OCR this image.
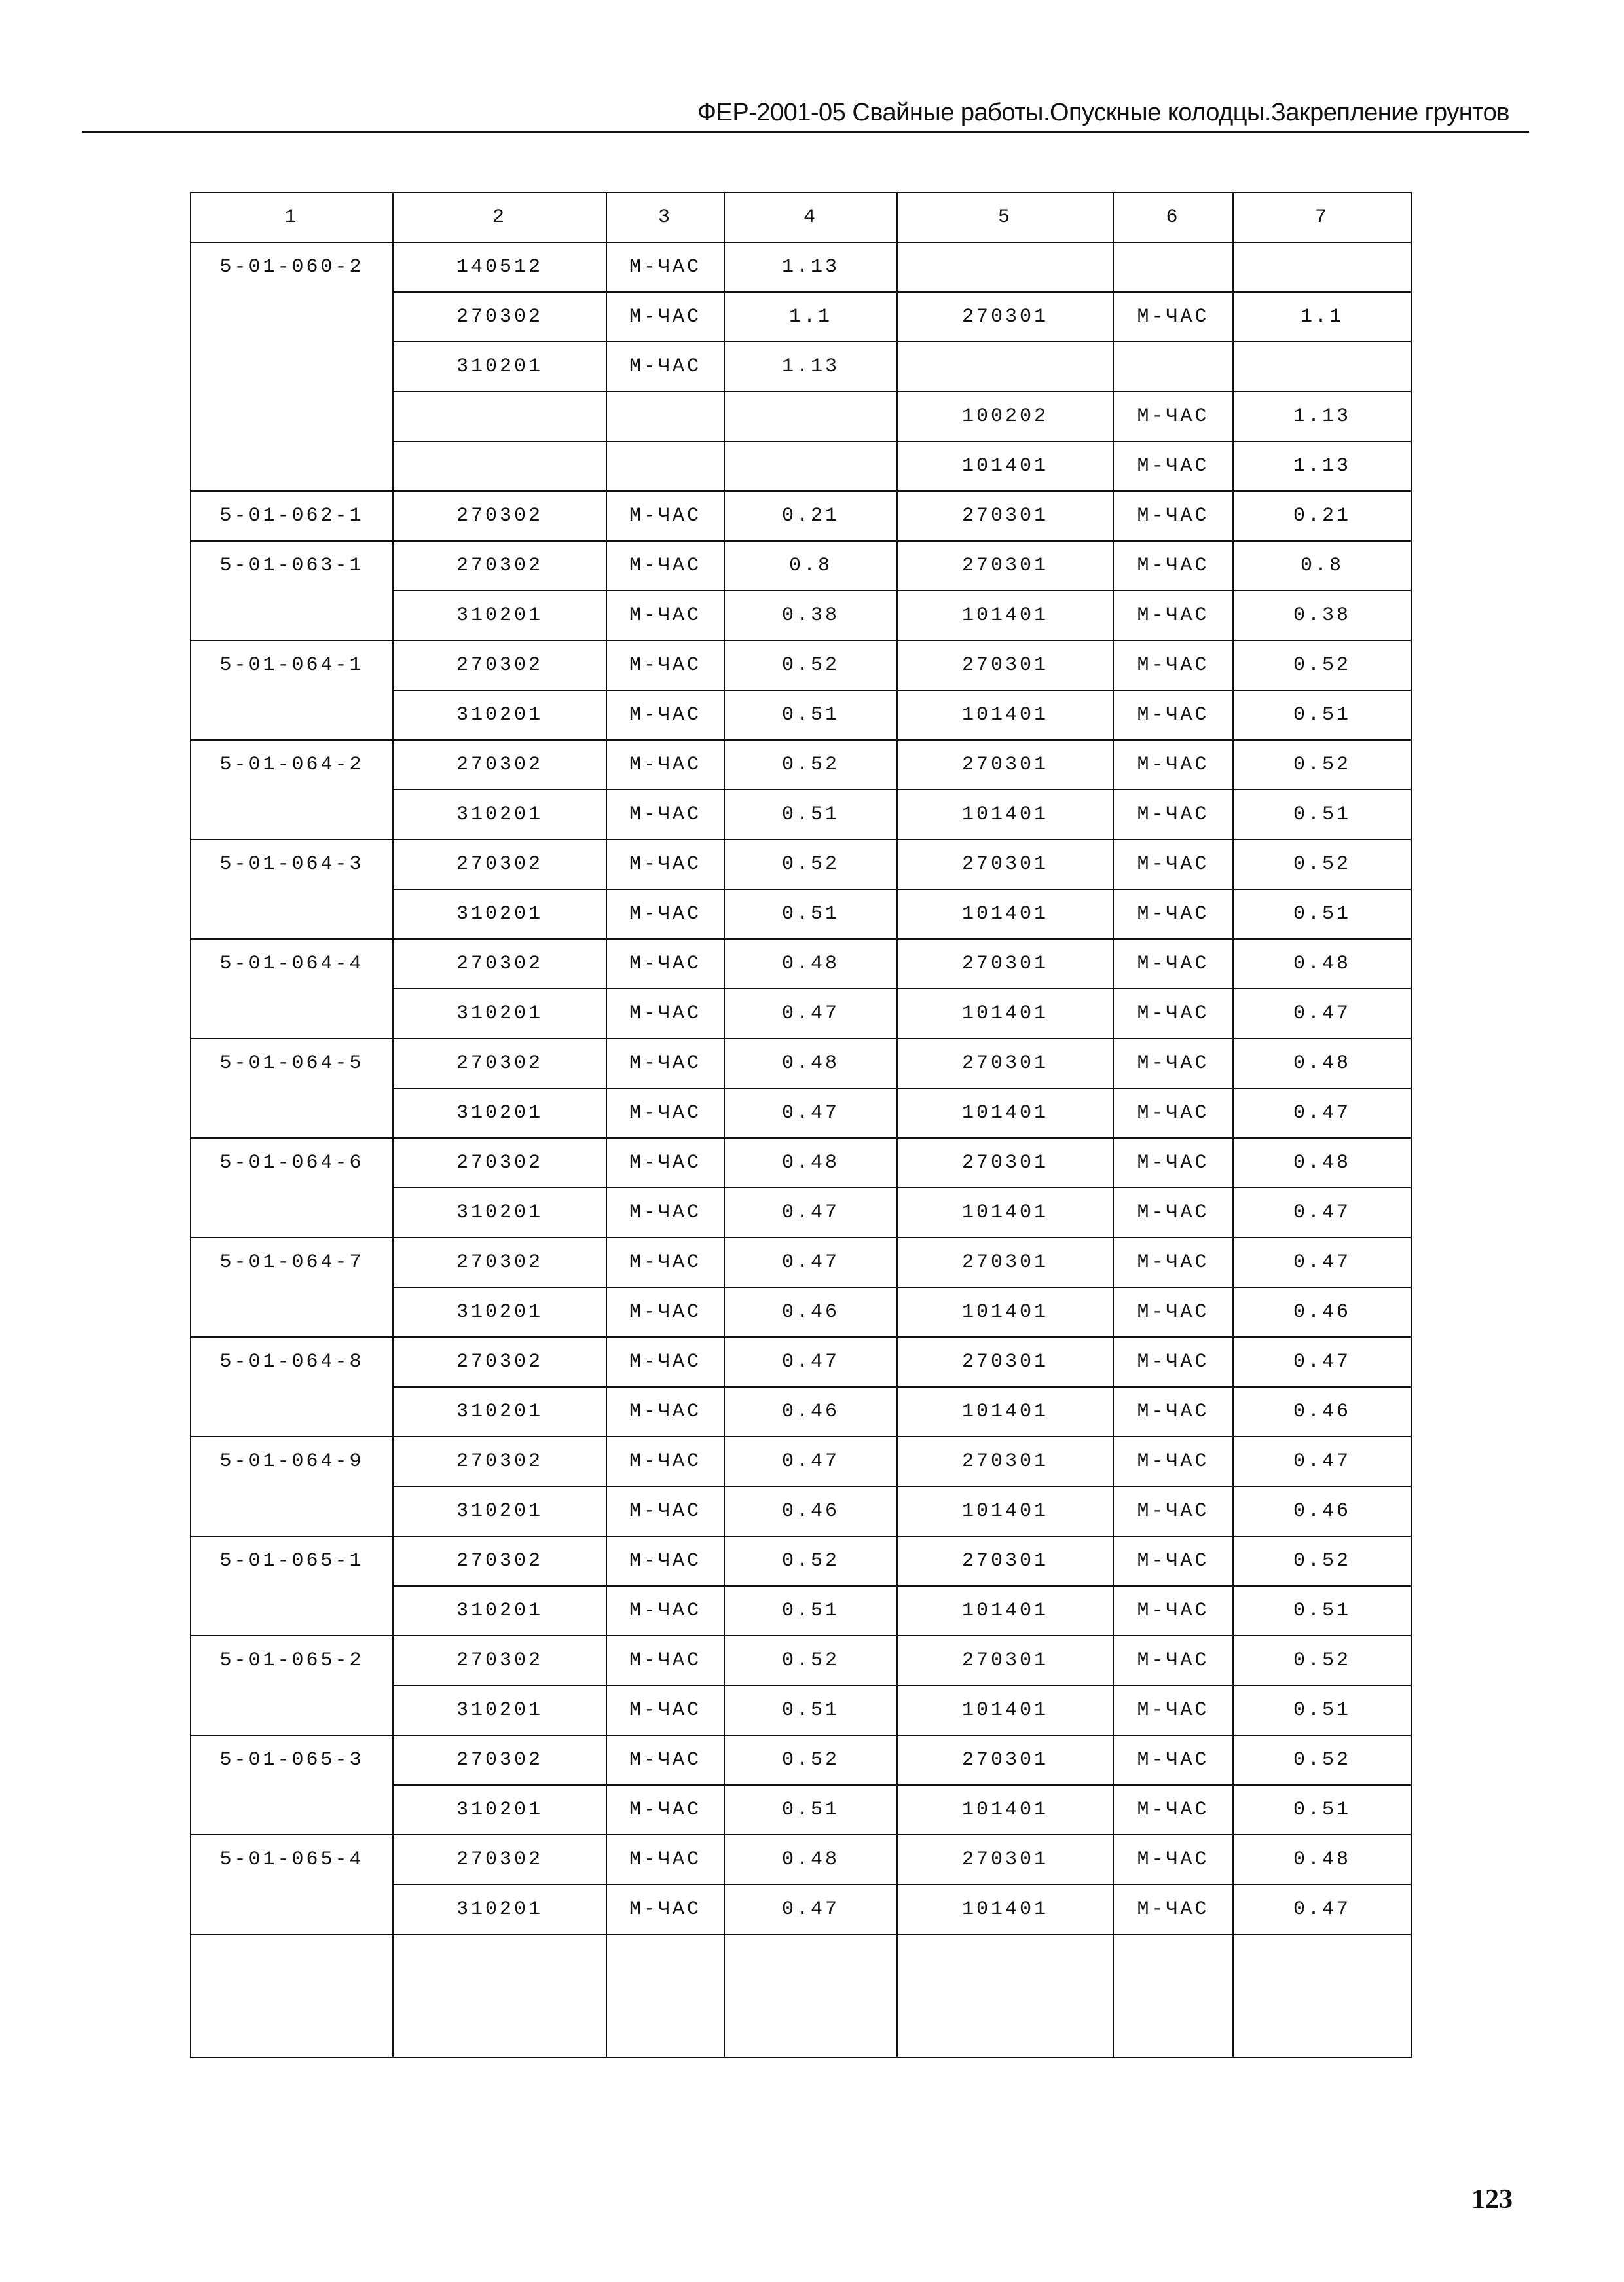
ФЕР-2001-05 Свайные работы.Опускные колодцы.Закрепление грунтов
1	2	3	4	5	6	7
5-01-060-2	140512	М-ЧАС	1.13			
	270302	М-ЧАС	1.1	270301	М-ЧАС	1.1
	310201	М-ЧАС	1.13			
				100202	М-ЧАС	1.13
				101401	М-ЧАС	1.13
5-01-062-1	270302	М-ЧАС	0.21	270301	М-ЧАС	0.21
5-01-063-1	270302	М-ЧАС	0.8	270301	М-ЧАС	0.8
	310201	М-ЧАС	0.38	101401	М-ЧАС	0.38
5-01-064-1	270302	М-ЧАС	0.52	270301	М-ЧАС	0.52
	310201	М-ЧАС	0.51	101401	М-ЧАС	0.51
5-01-064-2	270302	М-ЧАС	0.52	270301	М-ЧАС	0.52
	310201	М-ЧАС	0.51	101401	М-ЧАС	0.51
5-01-064-3	270302	М-ЧАС	0.52	270301	М-ЧАС	0.52
	310201	М-ЧАС	0.51	101401	М-ЧАС	0.51
5-01-064-4	270302	М-ЧАС	0.48	270301	М-ЧАС	0.48
	310201	М-ЧАС	0.47	101401	М-ЧАС	0.47
5-01-064-5	270302	М-ЧАС	0.48	270301	М-ЧАС	0.48
	310201	М-ЧАС	0.47	101401	М-ЧАС	0.47
5-01-064-6	270302	М-ЧАС	0.48	270301	М-ЧАС	0.48
	310201	М-ЧАС	0.47	101401	М-ЧАС	0.47
5-01-064-7	270302	М-ЧАС	0.47	270301	М-ЧАС	0.47
	310201	М-ЧАС	0.46	101401	М-ЧАС	0.46
5-01-064-8	270302	М-ЧАС	0.47	270301	М-ЧАС	0.47
	310201	М-ЧАС	0.46	101401	М-ЧАС	0.46
5-01-064-9	270302	М-ЧАС	0.47	270301	М-ЧАС	0.47
	310201	М-ЧАС	0.46	101401	М-ЧАС	0.46
5-01-065-1	270302	М-ЧАС	0.52	270301	М-ЧАС	0.52
	310201	М-ЧАС	0.51	101401	М-ЧАС	0.51
5-01-065-2	270302	М-ЧАС	0.52	270301	М-ЧАС	0.52
	310201	М-ЧАС	0.51	101401	М-ЧАС	0.51
5-01-065-3	270302	М-ЧАС	0.52	270301	М-ЧАС	0.52
	310201	М-ЧАС	0.51	101401	М-ЧАС	0.51
5-01-065-4	270302	М-ЧАС	0.48	270301	М-ЧАС	0.48
	310201	М-ЧАС	0.47	101401	М-ЧАС	0.47

123
